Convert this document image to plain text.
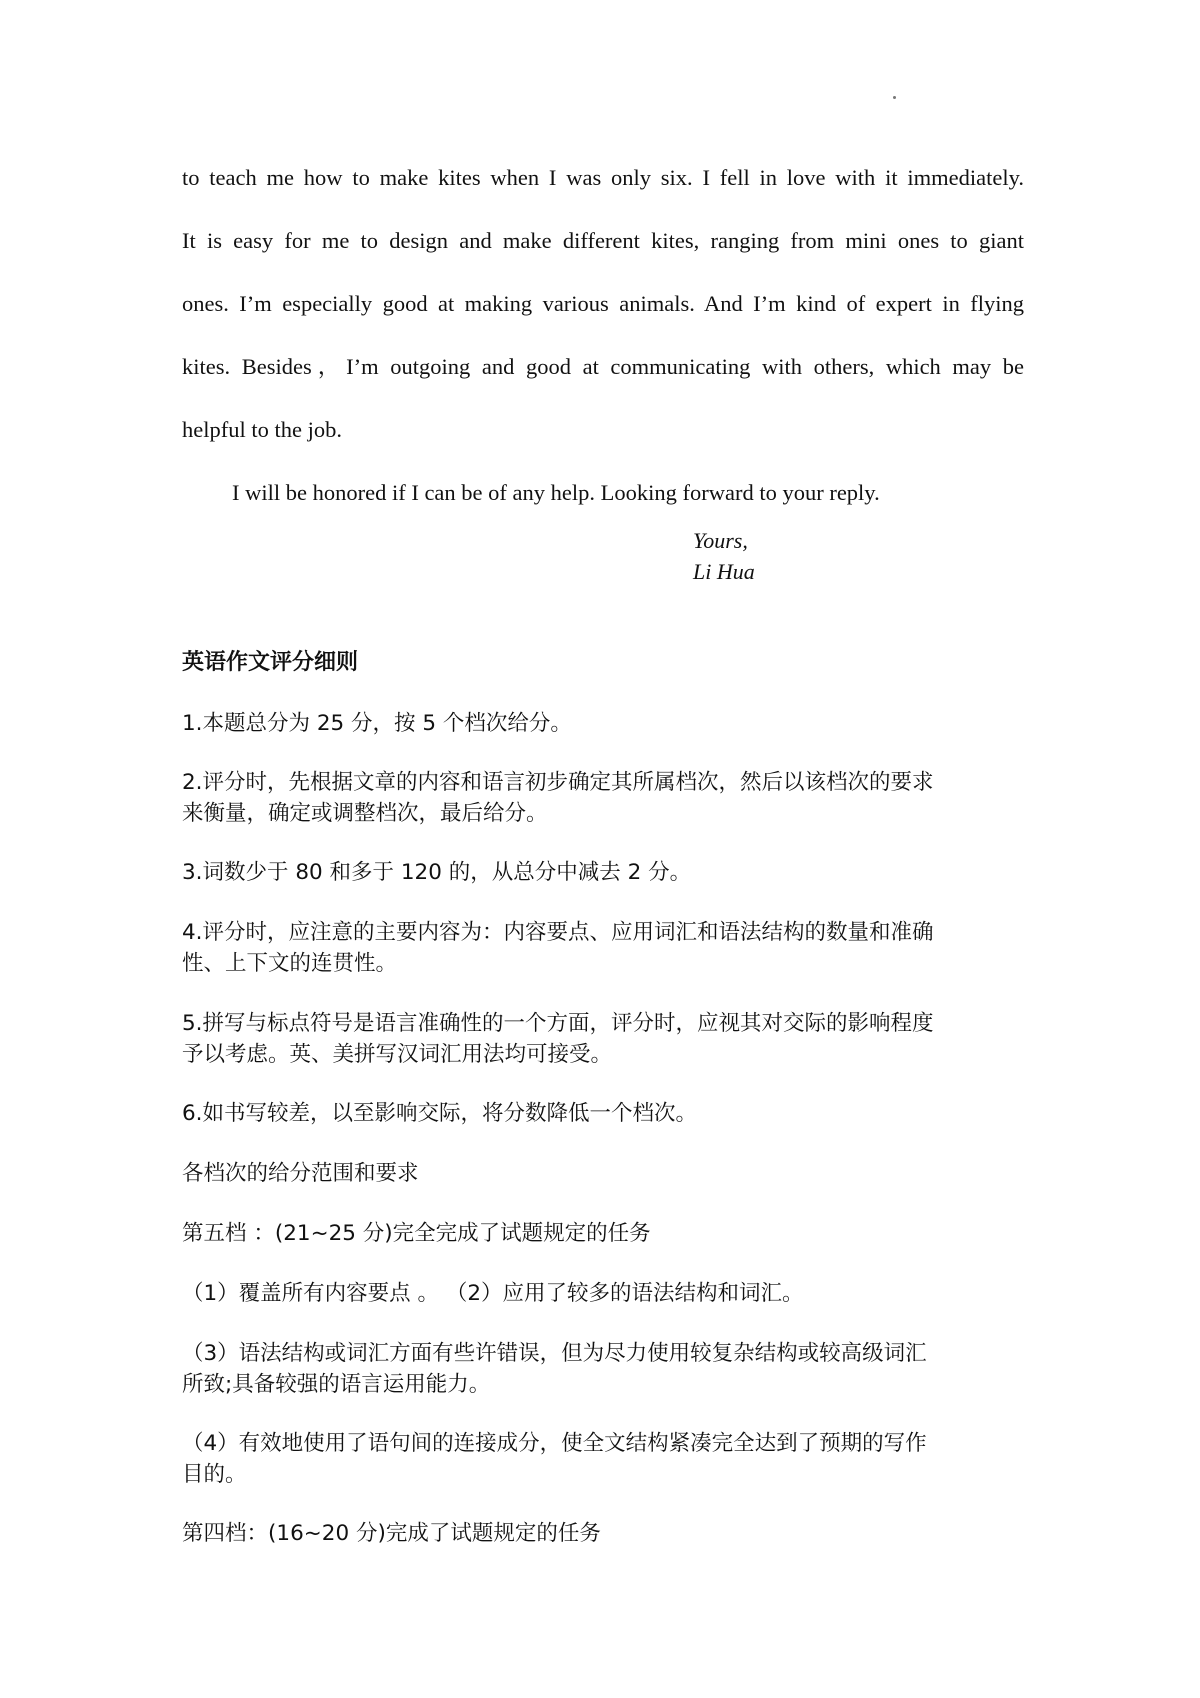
to teach me how to make kites when I was only six. I fell in love with it immediately.
It is easy for me to design and make different kites, ranging from mini ones to giant
ones. I’m especially good at making various animals. And I’m kind of expert in flying
kites. Besides，I’m outgoing and good at communicating with others, which may be
helpful to the job.
I will be honored if I can be of any help. Looking forward to your reply.
Yours,
Li Hua
英语作文评分细则
1.本题总分为 25 分，按 5 个档次给分。
2.评分时，先根据文章的内容和语言初步确定其所属档次，然后以该档次的要求
来衡量，确定或调整档次，最后给分。
3.词数少于 80 和多于 120 的，从总分中减去 2 分。
4.评分时，应注意的主要内容为：内容要点、应用词汇和语法结构的数量和准确
性、上下文的连贯性。
5.拼写与标点符号是语言准确性的一个方面，评分时，应视其对交际的影响程度
予以考虑。英、美拼写汉词汇用法均可接受。
6.如书写较差，以至影响交际，将分数降低一个档次。
各档次的给分范围和要求
第五档 ：(21~25 分)完全完成了试题规定的任务
（1）覆盖所有内容要点 。 （2）应用了较多的语法结构和词汇。
（3）语法结构或词汇方面有些许错误，但为尽力使用较复杂结构或较高级词汇
所致;具备较强的语言运用能力。
（4）有效地使用了语句间的连接成分，使全文结构紧凑完全达到了预期的写作
目的。
第四档：(16~20 分)完成了试题规定的任务
